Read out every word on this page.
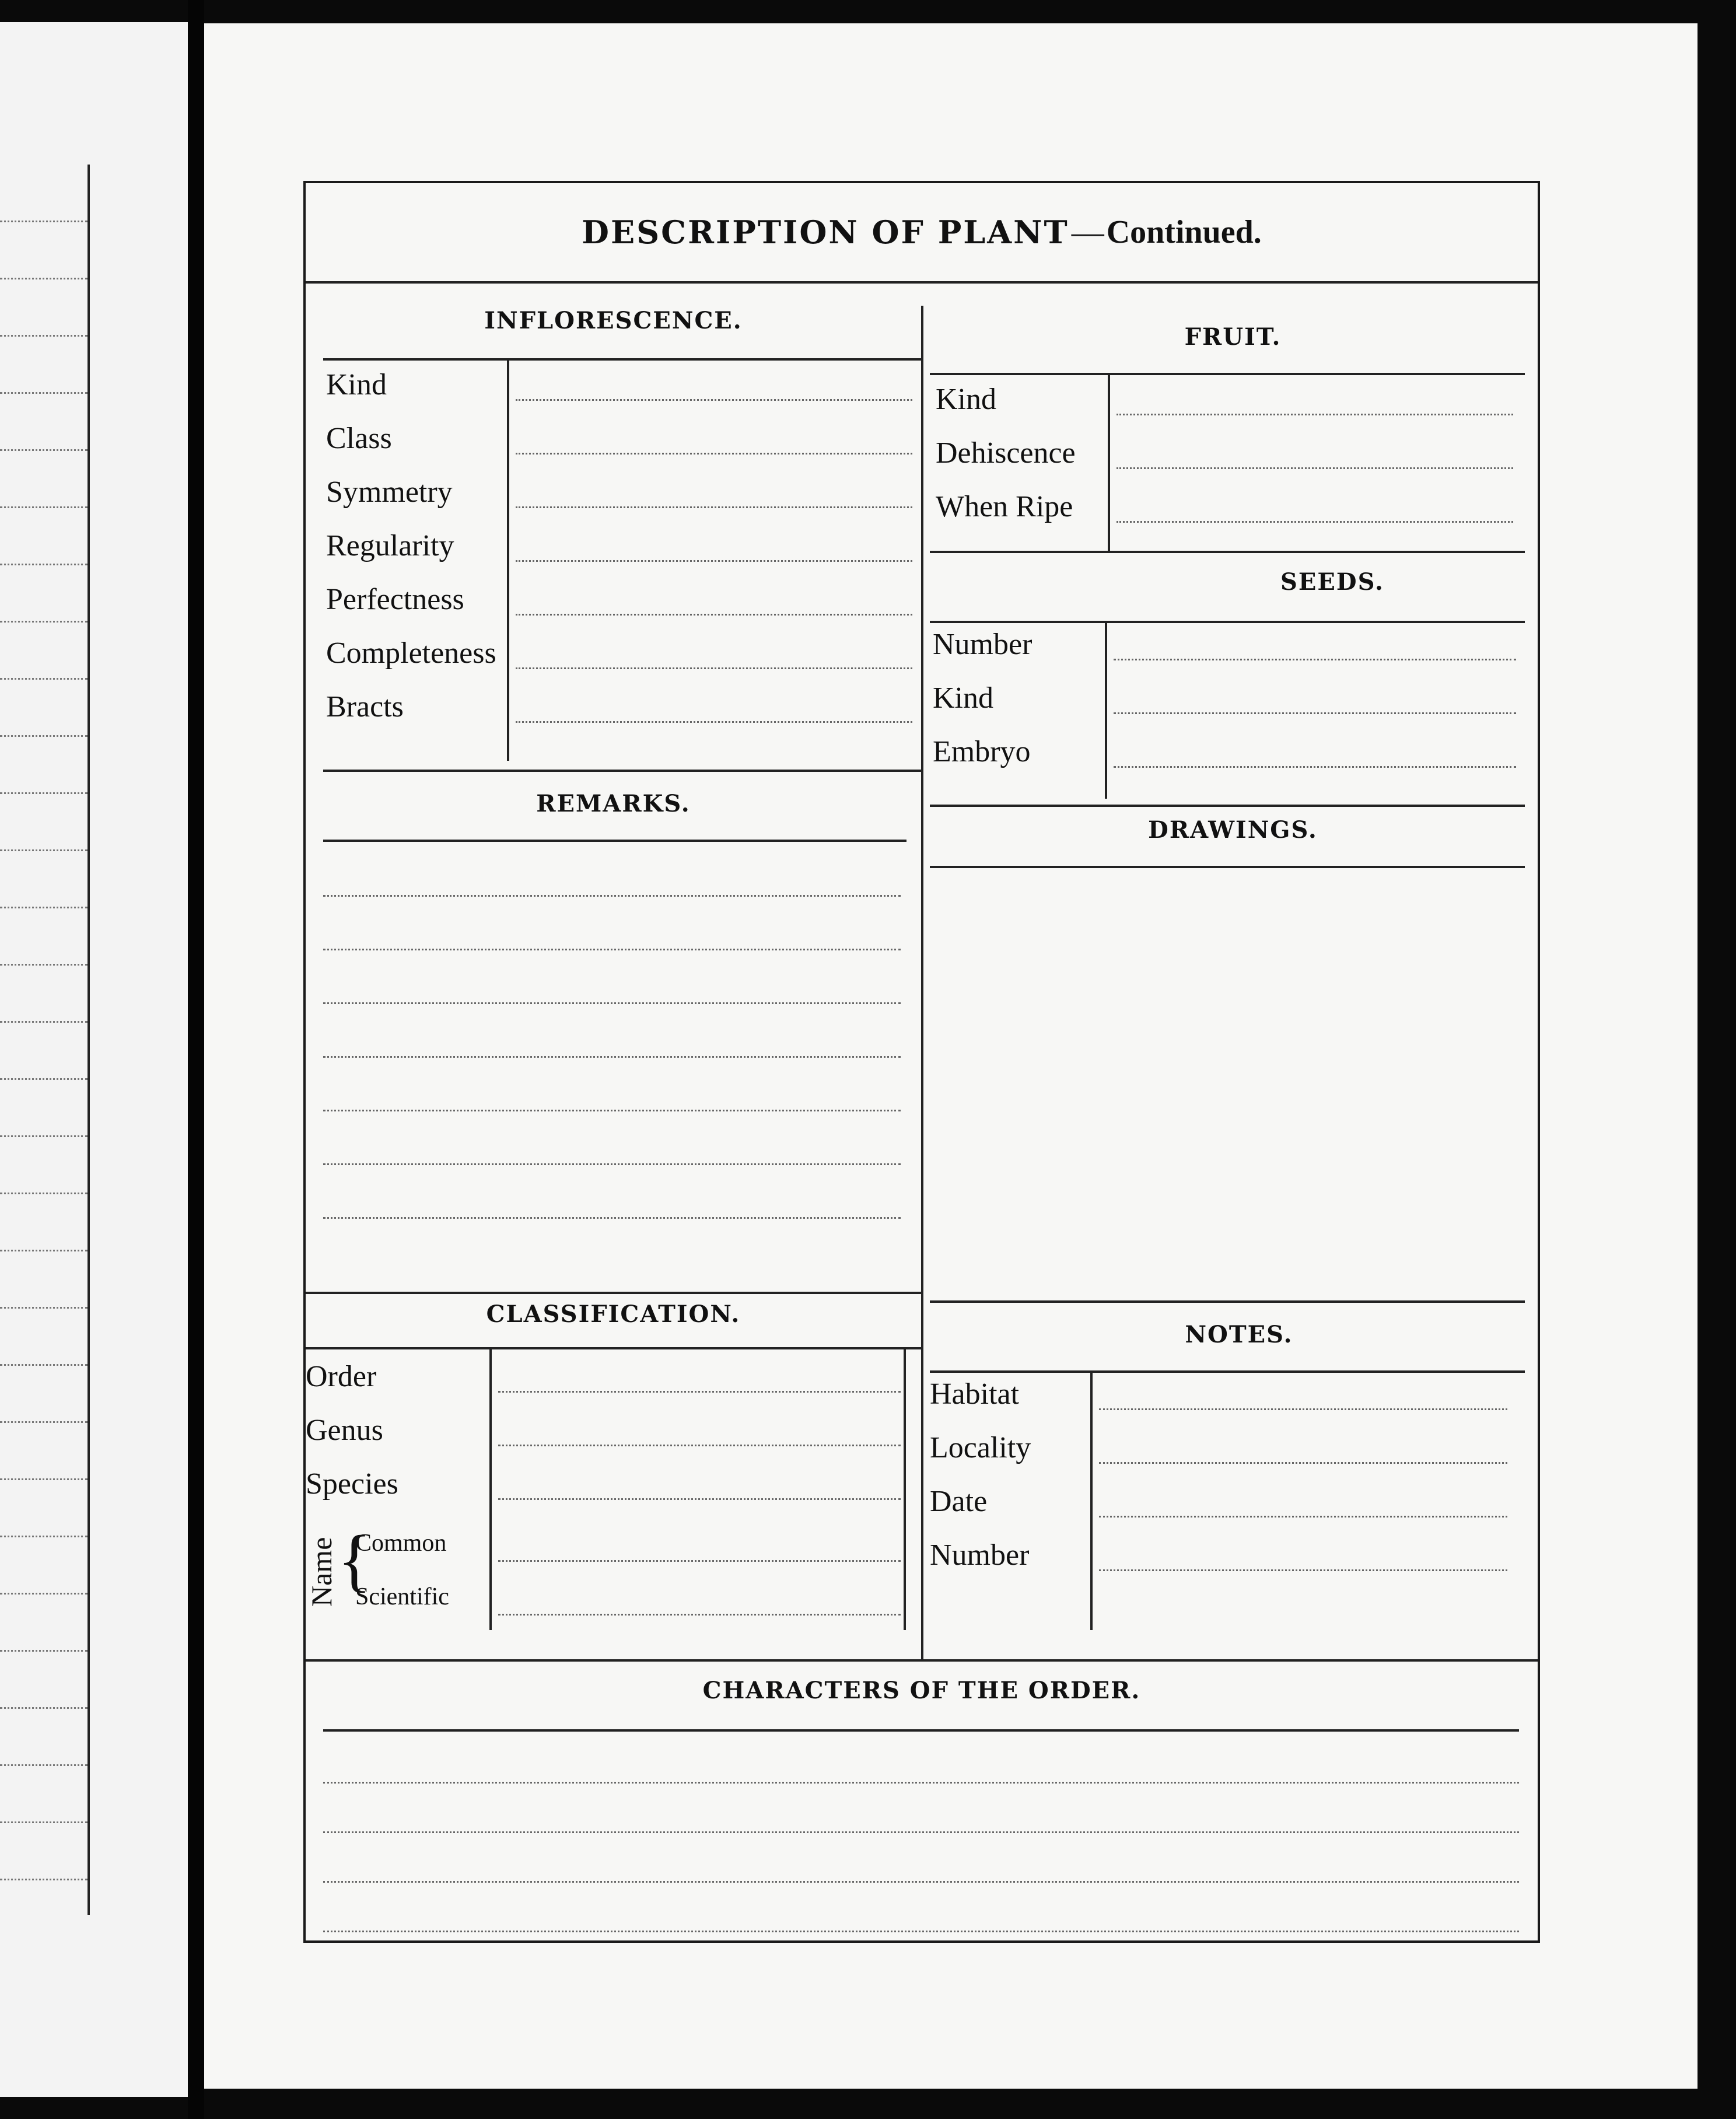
DESCRIPTION OF PLANT — Continued.
INFLORESCENCE.
Kind
Class
Symmetry
Regularity
Perfectness
Completeness
Bracts
FRUIT.
Kind
Dehiscence
When Ripe
SEEDS.
Number
Kind
Embryo
REMARKS.
DRAWINGS.
CLASSIFICATION.
Order
Genus
Species
Common
Scientific
Name {
NOTES.
Habitat
Locality
Date
Number
CHARACTERS OF THE ORDER.
